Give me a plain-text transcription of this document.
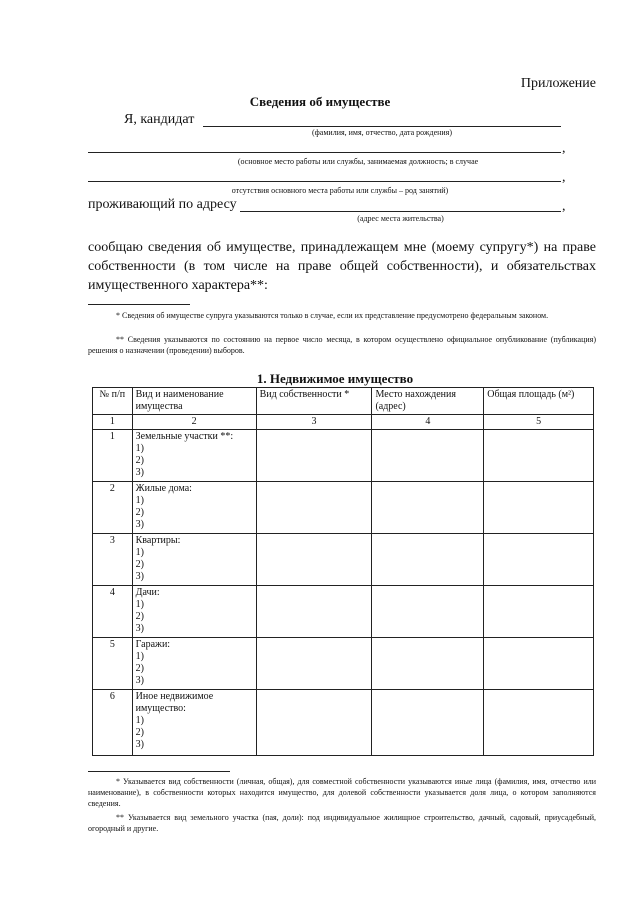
Приложение
Сведения об имуществе
Я, кандидат
(фамилия, имя, отчество, дата рождения)
,
(основное место работы или службы, занимаемая должность; в случае
,
отсутствия основного места работы или службы – род занятий)
проживающий по адресу	,
(адрес места жительства)
сообщаю сведения об имуществе, принадлежащем мне (моему супругу*) на праве собственности (в том числе на праве общей собственности), и обязательствах имущественного характера**:
* Сведения об имуществе супруга указываются только в случае, если их представление предусмотрено федеральным законом.
** Сведения указываются по состоянию на первое число месяца, в котором осуществлено официальное опубликование (публикация) решения о назначении (проведении) выборов.
1. Недвижимое имущество
№ п/п	Вид и наименование имущества	Вид собственности *	Место нахождения (адрес)	Общая площадь (м²)
1	2	3	4	5
1	Земельные участки **:
1)
2)
3)			

2	Жилые дома:
1)
2)
3)			

3	Квартиры:
1)
2)
3)			

4	Дачи:
1)
2)
3)			

5	Гаражи:
1)
2)
3)			

6	Иное недвижимое имущество:
1)
2)
3)			

* Указывается вид собственности (личная, общая), для совместной собственности указываются иные лица (фамилия, имя, отчество или наименование), в собственности которых находится имущество, для долевой собственности указывается доля лица, о котором заполняются сведения.
** Указывается вид земельного участка (пая, доли): под индивидуальное жилищное строительство, дачный, садовый, приусадебный, огородный и другие.
